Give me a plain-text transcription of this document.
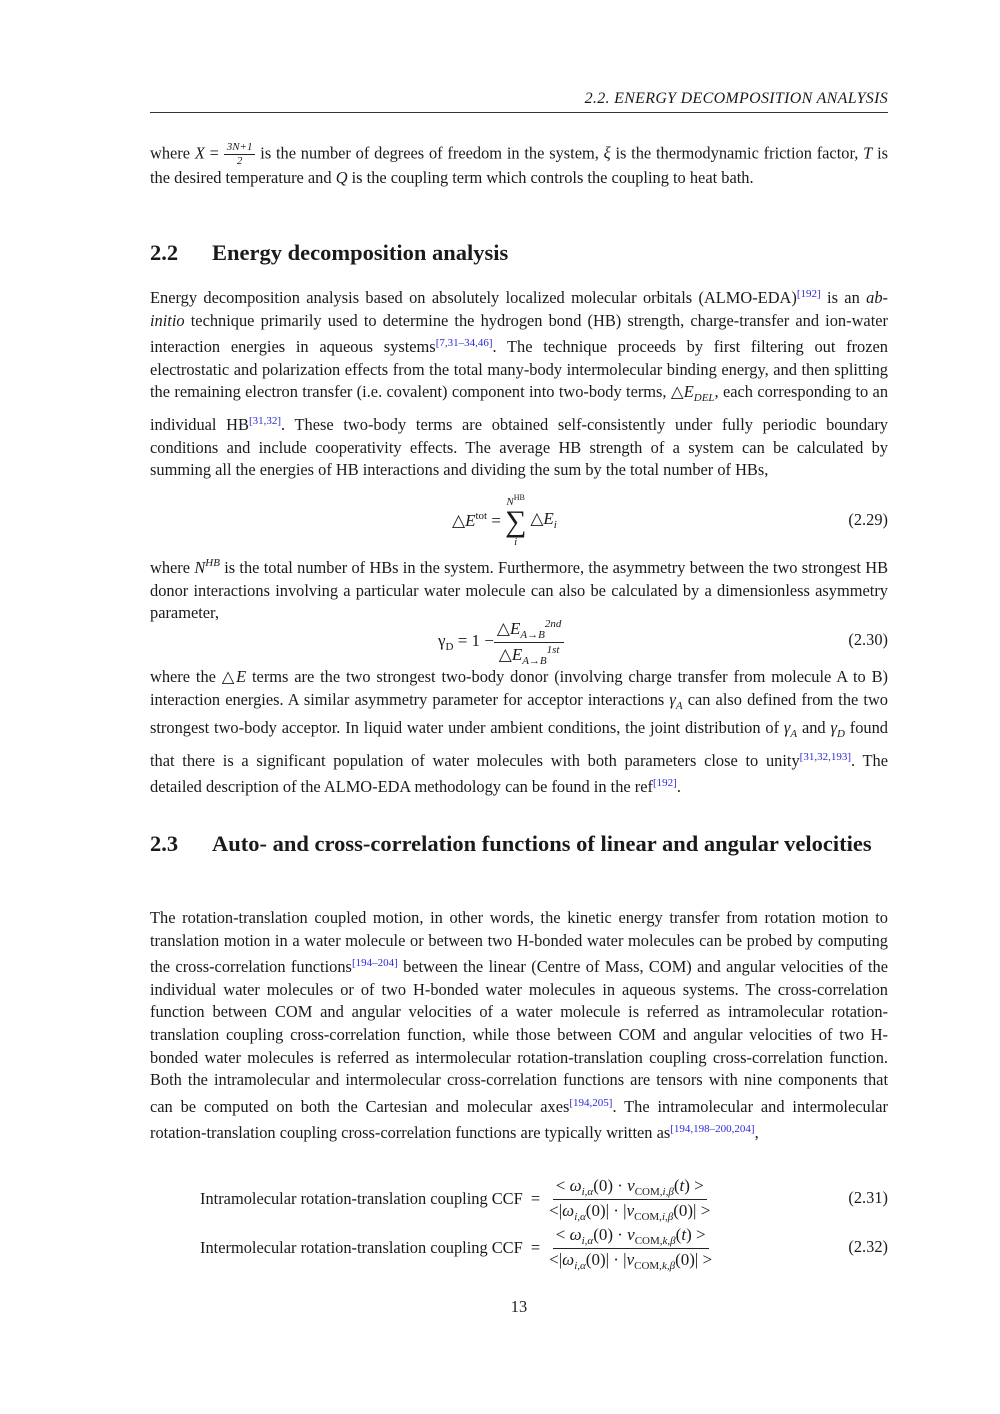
2.2. ENERGY DECOMPOSITION ANALYSIS
where $X = \frac{3N+1}{2}$ is the number of degrees of freedom in the system, ξ is the thermodynamic friction factor, T is the desired temperature and Q is the coupling term which controls the coupling to heat bath.
2.2	Energy decomposition analysis
Energy decomposition analysis based on absolutely localized molecular orbitals (ALMO-EDA)[192] is an ab-initio technique primarily used to determine the hydrogen bond (HB) strength, charge-transfer and ion-water interaction energies in aqueous systems[7,31–34,46]. The technique proceeds by first filtering out frozen electrostatic and polarization effects from the total many-body intermolecular binding energy, and then splitting the remaining electron transfer (i.e. covalent) component into two-body terms, $\triangle E_{DEL}$, each corresponding to an individual HB[31,32]. These two-body terms are obtained self-consistently under fully periodic boundary conditions and include cooperativity effects. The average HB strength of a system can be calculated by summing all the energies of HB interactions and dividing the sum by the total number of HBs,
$\triangle E^{tot}$ =
$N^{HB}$
∑
i
$\triangle E_i$	(2.29)
where $N^{HB}$ is the total number of HBs in the system. Furthermore, the asymmetry between the two strongest HB donor interactions involving a particular water molecule can also be calculated by a dimensionless asymmetry parameter,
$\gamma_D = 1 - \frac{\triangle E_{A\to B}^{2nd}}{\triangle E_{A\to B}^{1st}}$	(2.30)
where the △E terms are the two strongest two-body donor (involving charge transfer from molecule A to B) interaction energies. A similar asymmetry parameter for acceptor interactions $\gamma_A$ can also defined from the two strongest two-body acceptor. In liquid water under ambient conditions, the joint distribution of $\gamma_A$ and $\gamma_D$ found that there is a significant population of water molecules with both parameters close to unity[31,32,193]. The detailed description of the ALMO-EDA methodology can be found in the ref[192].
2.3	Auto- and cross-correlation functions of linear and angular velocities
The rotation-translation coupled motion, in other words, the kinetic energy transfer from rotation motion to translation motion in a water molecule or between two H-bonded water molecules can be probed by computing the cross-correlation functions[194–204] between the linear (Centre of Mass, COM) and angular velocities of the individual water molecules or of two H-bonded water molecules in aqueous systems. The cross-correlation function between COM and angular velocities of a water molecule is referred as intramolecular rotation-translation coupling cross-correlation function, while those between COM and angular velocities of two H-bonded water molecules is referred as intermolecular rotation-translation coupling cross-correlation function. Both the intramolecular and intermolecular cross-correlation functions are tensors with nine components that can be computed on both the Cartesian and molecular axes[194,205]. The intramolecular and intermolecular rotation-translation coupling cross-correlation functions are typically written as[194,198–200,204],
Intramolecular rotation-translation coupling CCF  = $\frac{< \omega_{i,\alpha}(0) \cdot v_{COM,i,\beta}(t) >}{<|\omega_{i,\alpha}(0)| \cdot |v_{COM,i,\beta}(0)| >}$	(2.31)
Intermolecular rotation-translation coupling CCF  = $\frac{< \omega_{i,\alpha}(0) \cdot v_{COM,k,\beta}(t) >}{<|\omega_{i,\alpha}(0)| \cdot |v_{COM,k,\beta}(0)| >}$	(2.32)
13
